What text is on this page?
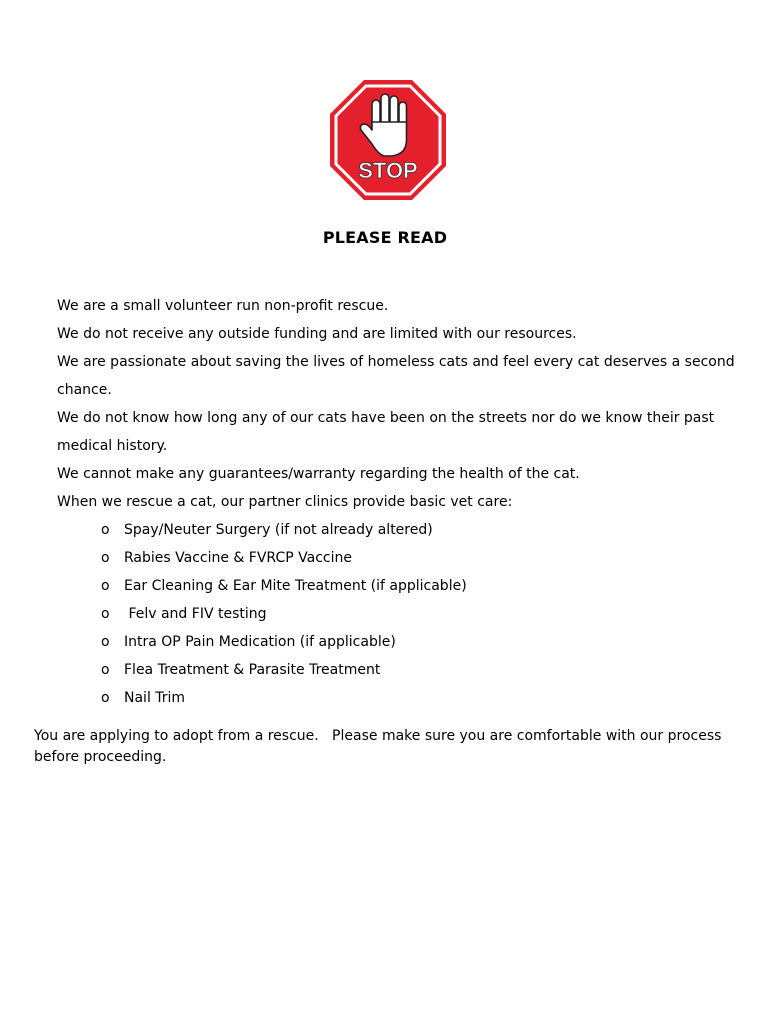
STOP
PLEASE READ
We are a small volunteer run non-profit rescue.
We do not receive any outside funding and are limited with our resources.
We are passionate about saving the lives of homeless cats and feel every cat deserves a second chance.
We do not know how long any of our cats have been on the streets nor do we know their past medical history.
We cannot make any guarantees/warranty regarding the health of the cat.
When we rescue a cat, our partner clinics provide basic vet care:
o Spay/Neuter Surgery (if not already altered)
o Rabies Vaccine & FVRCP Vaccine
o Ear Cleaning & Ear Mite Treatment (if applicable)
o Felv and FIV testing
o Intra OP Pain Medication (if applicable)
o Flea Treatment & Parasite Treatment
o Nail Trim

You are applying to adopt from a rescue.   Please make sure you are comfortable with our process before proceeding.
